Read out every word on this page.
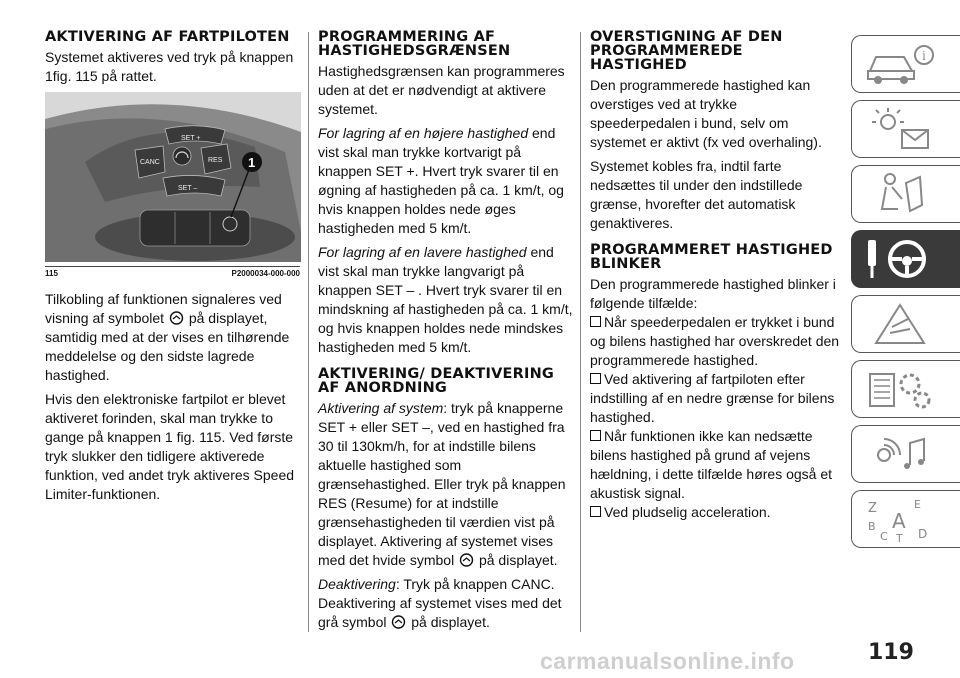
AKTIVERING AF FARTPILOTEN

Systemet aktiveres ved tryk på knappen 1fig. 115 på rattet.

SET +
CANC	RES
SET –
1
115	P2000034-000-000

Tilkobling af funktionen signaleres ved visning af symbolet på displayet, samtidig med at der vises en tilhørende meddelelse og den sidste lagrede hastighed.

Hvis den elektroniske fartpilot er blevet aktiveret forinden, skal man trykke to gange på knappen 1 fig. 115. Ved første tryk slukker den tidligere aktiverede funktion, ved andet tryk aktiveres Speed Limiter-funktionen.

PROGRAMMERING AF HASTIGHEDSGRÆNSEN

Hastighedsgrænsen kan programmeres uden at det er nødvendigt at aktivere systemet.

For lagring af en højere hastighed end vist skal man trykke kortvarigt på knappen SET +. Hvert tryk svarer til en øgning af hastigheden på ca. 1 km/t, og hvis knappen holdes nede øges hastigheden med 5 km/t.

For lagring af en lavere hastighed end vist skal man trykke langvarigt på knappen SET – . Hvert tryk svarer til en mindskning af hastigheden på ca. 1 km/t, og hvis knappen holdes nede mindskes hastigheden med 5 km/t.

AKTIVERING/ DEAKTIVERING AF ANORDNING

Aktivering af system: tryk på knapperne SET + eller SET –, ved en hastighed fra 30 til 130km/h, for at indstille bilens aktuelle hastighed som grænsehastighed. Eller tryk på knappen RES (Resume) for at indstille grænsehastigheden til værdien vist på displayet. Aktivering af systemet vises med det hvide symbol på displayet.

Deaktivering: Tryk på knappen CANC. Deaktivering af systemet vises med det grå symbol på displayet.

OVERSTIGNING AF DEN PROGRAMMEREDE HASTIGHED

Den programmerede hastighed kan overstiges ved at trykke speederpedalen i bund, selv om systemet er aktivt (fx ved overhaling).

Systemet kobles fra, indtil farte nedsættes til under den indstillede grænse, hvorefter det automatisk genaktiveres.

PROGRAMMERET HASTIGHED BLINKER

Den programmerede hastighed blinker i følgende tilfælde:

Når speederpedalen er trykket i bund og bilens hastighed har overskredet den programmerede hastighed.

Ved aktivering af fartpiloten efter indstilling af en nedre grænse for bilens hastighed.

Når funktionen ikke kan nedsætte bilens hastighed på grund af vejens hældning, i dette tilfælde høres også et akustisk signal.

Ved pludselig acceleration.

i
Z	E
B A
C T D
119
carmanualsonline.info
